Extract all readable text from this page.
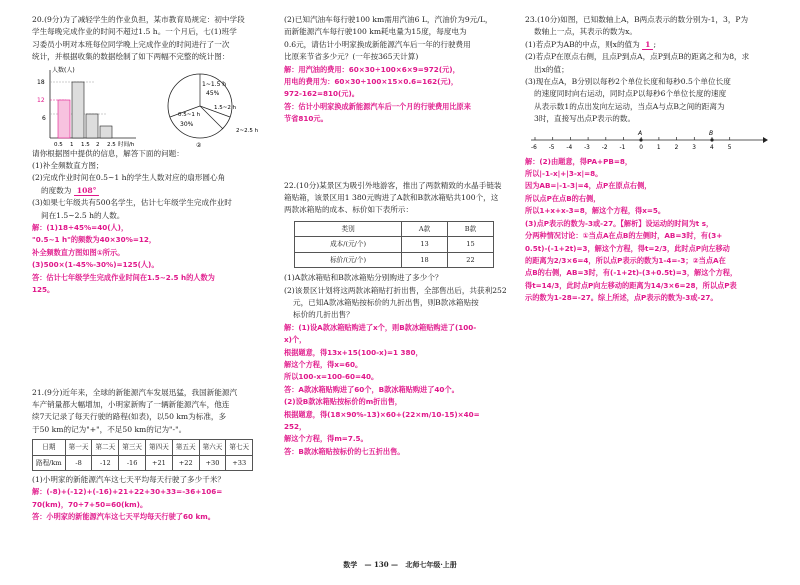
20.(9分)为了减轻学生的作业负担，某市教育局规定：初中学段

学生每晚完成作业的时间不超过1.5 h。一个月后，七(1)班学

习委员小明对本班每位同学晚上完成作业的时间进行了一次

统计，并根据收集的数据绘制了如下两幅不完整的统计图：

人数(人)
18
12
6
0.5 1 1.5 2 2.5 时间/h
1~1.5 h
45%
1.5~2 h
0.5~1 h
30%
2~2.5 h
②

请你根据图中提供的信息，解答下面的问题：

(1)补全频数直方图；

(2)完成作业时间在0.5~1 h的学生人数对应的扇形圆心角

的度数为 108°

(3)如果七年级共有500名学生，估计七年级学生完成作业时

间在1.5~2.5 h的人数。

解：(1)18÷45%=40(人)，

"0.5~1 h"的频数为40×30%=12，

补全频数直方图如图①所示。

(3)500×(1-45%-30%)=125(人)。

答：估计七年级学生完成作业时间在1.5~2.5 h的人数为

125。

21.(9分)近年来，全球的新能源汽车发展迅猛，我国新能源汽

车产销量都大幅增加，小明家新购了一辆新能源汽车，他连

续7天记录了每天行驶的路程(如表)，以50 km为标准，多

于50 km的记为"+"，不足50 km的记为"-"。

日期	第一天	第二天	第三天	第四天	第五天	第六天	第七天
路程/km	-8	-12	-16	+21	+22	+30	+33

(1)小明家的新能源汽车这七天平均每天行驶了多少千米？

解：(-8)+(-12)+(-16)+21+22+30+33=-36+106=

70(km)，70÷7+50=60(km)。

答：小明家的新能源汽车这七天平均每天行驶了60 km。

(2)已知汽油车每行驶100 km需用汽油6 L，汽油价为9元/L，

而新能源汽车每行驶100 km耗电量为15度，每度电为

0.6元，请估计小明家换成新能源汽车后一年的行驶费用

比原来节省多少元？(一年按365天计算)

解：用汽油的费用：60×30÷100×6×9=972(元)，

用电的费用为：60×30÷100×15×0.6=162(元)，

972-162=810(元)。

答：估计小明家换成新能源汽车后一个月的行驶费用比原来

节省810元。

22.(10分)某景区为吸引外地游客，推出了两款精致的水晶手链装

箱贴箱，该景区用1 380元购进了A款和B款冰箱贴共100个，这

两款冰箱贴的成本、标价如下表所示：

类别	A款	B款
成本/(元/个)	13	15
标价/(元/个)	18	22

(1)A款冰箱贴和B款冰箱贴分别购进了多少个？

(2)该景区计划将这两款冰箱贴打折出售，全部售出后，共获利252

元，已知A款冰箱贴按标价的九折出售，则B款冰箱贴按

标价的几折出售？

解：(1)设A款冰箱贴购进了x个，则B款冰箱贴购进了(100-

x)个，

根据题意，得13x+15(100-x)=1 380，

解这个方程，得x=60。

所以100-x=100-60=40。

答：A款冰箱贴购进了60个，B款冰箱贴购进了40个。

(2)设B款冰箱贴按标价的m折出售，

根据题意，得(18×90%-13)×60+(22×m/10-15)×40=

252，

解这个方程，得m=7.5。

答：B款冰箱贴按标价的七五折出售。

23.(10分)如图，已知数轴上A，B两点表示的数分别为-1，3，P为

数轴上一点，其表示的数为x。

(1)若点P为AB的中点，则x的值为 1 ;

(2)若点P在原点右侧，且点P到点A，点P到点B的距离之和为8，求

出x的值；

(3)现在点A，B分别以每秒2个单位长度和每秒0.5个单位长度

的速度同时向右运动，同时点P以每秒6个单位长度的速度

从表示数1的点出发向左运动，当点A与点B之间的距离为

3时，直接写出点P表示的数。

-6 -5 -4 -3 -2 -1 0 1 2 3 4 5
A	B

解：(2)由题意，得PA+PB=8，

所以|-1-x|+|3-x|=8。

因为AB=|-1-3|=4，点P在原点右侧，

所以点P在点B的右侧，

所以1+x+x-3=8，解这个方程，得x=5。

(3)点P表示的数为-3或-27。【解析】设运动的时间为t s，

分两种情况讨论：①当点A在点B的左侧时，AB=3时，有(3+

0.5t)-(-1+2t)=3，解这个方程，得t=2/3，此时点P向左移动

的距离为2/3×6=4，所以点P表示的数为1-4=-3；②当点A在

点B的右侧，AB=3时，有(-1+2t)-(3+0.5t)=3，解这个方程，

得t=14/3，此时点P向左移动的距离为14/3×6=28，所以点P表

示的数为1-28=-27。综上所述，点P表示的数为-3或-27。

数学 — 130 — 北师七年级·上册
